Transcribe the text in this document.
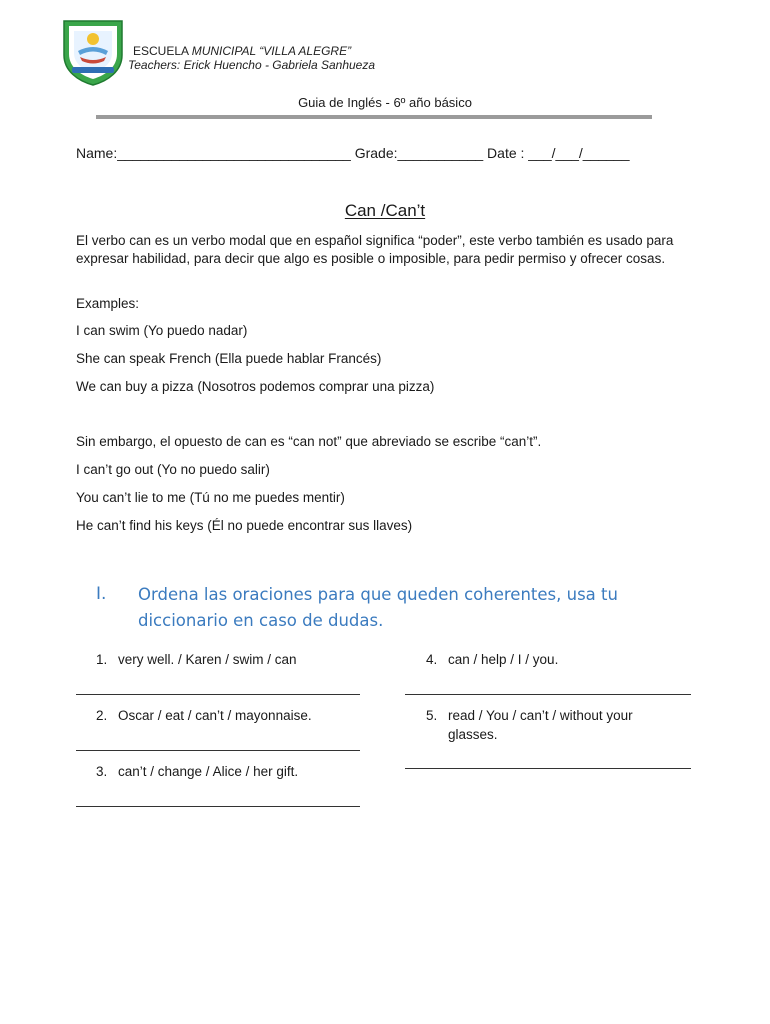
ESCUELA MUNICIPAL “VILLA ALEGRE”
Teachers: Erick Huencho - Gabriela Sanhueza
Guia de Inglés - 6º año básico
Name:______________________________ Grade:___________ Date : ___/___/______
Can /Can’t
El verbo can es un verbo modal que en español significa “poder”, este verbo también es usado para expresar habilidad, para decir que algo es posible o imposible, para pedir permiso y ofrecer cosas.
Examples:
I can swim (Yo puedo nadar)
She can speak French (Ella puede hablar Francés)
We can buy a pizza (Nosotros podemos comprar una pizza)
Sin embargo, el opuesto de can es “can not” que abreviado se escribe “can’t”.
I can’t go out (Yo no puedo salir)
You can’t lie to me (Tú no me puedes mentir)
He can’t find his keys (Él no puede encontrar sus llaves)
I. Ordena las oraciones para que queden coherentes, usa tu diccionario en caso de dudas.
1. very well. / Karen / swim / can
2. Oscar / eat / can’t / mayonnaise.
3. can’t / change / Alice / her gift.
4. can / help / I / you.
5. read / You / can’t / without your glasses.
